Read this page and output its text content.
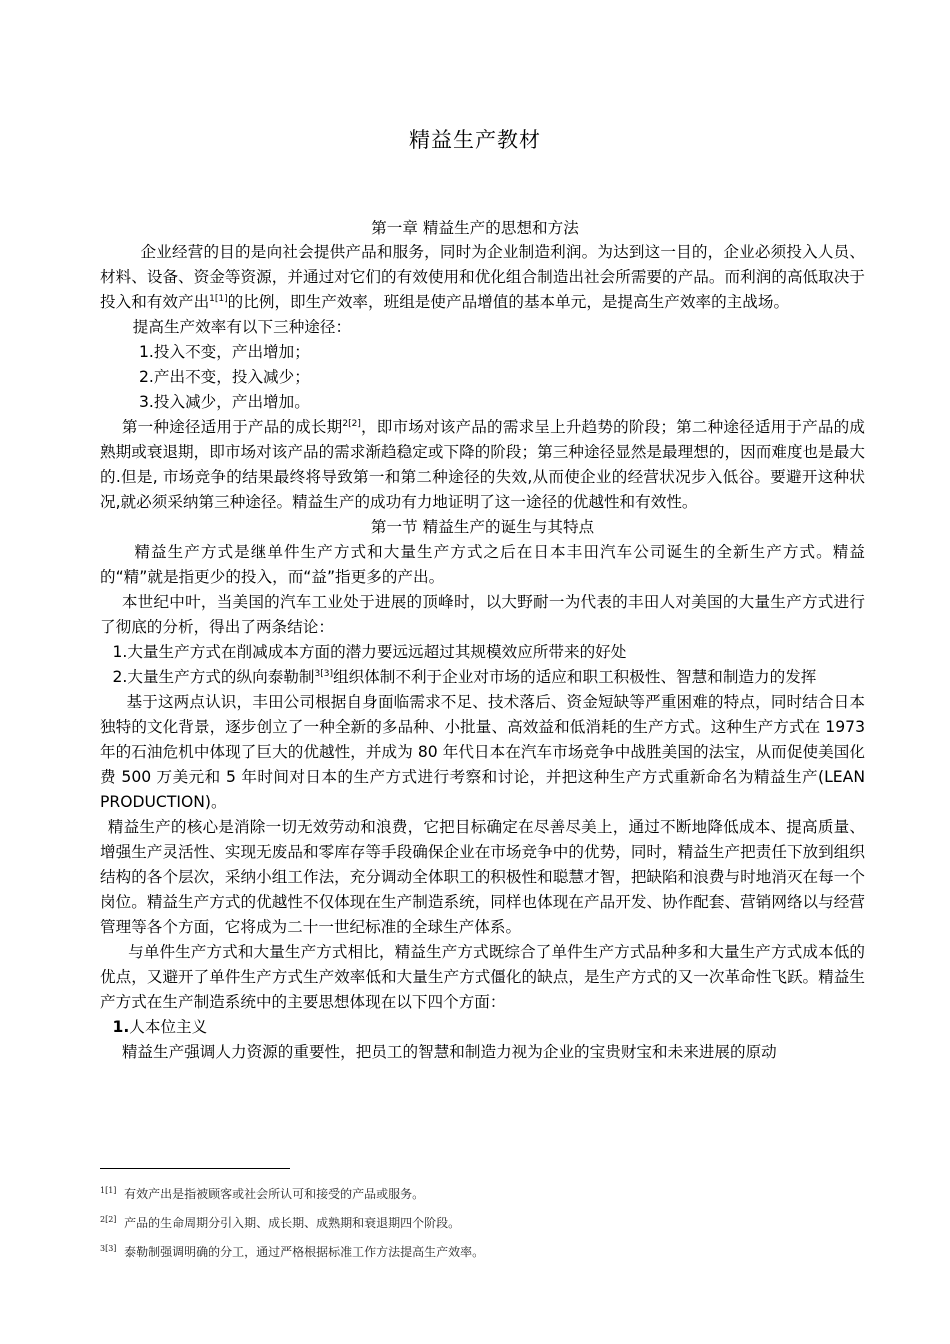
精益生产教材
第一章 精益生产的思想和方法

企业经营的目的是向社会提供产品和服务，同时为企业制造利润。为达到这一目的，企业必须投入人员、材料、设备、资金等资源，并通过对它们的有效使用和优化组合制造出社会所需要的产品。而利润的高低取决于投入和有效产出$^{1[1]}$的比例，即生产效率，班组是使产品增值的基本单元，是提高生产效率的主战场。

提高生产效率有以下三种途径：

1.投入不变，产出增加；

2.产出不变，投入减少；

3.投入减少，产出增加。

第一种途径适用于产品的成长期$^{2[2]}$，即市场对该产品的需求呈上升趋势的阶段；第二种途径适用于产品的成熟期或衰退期，即市场对该产品的需求渐趋稳定或下降的阶段；第三种途径显然是最理想的，因而难度也是最大的.但是, 市场竞争的结果最终将导致第一和第二种途径的失效,从而使企业的经营状况步入低谷。要避开这种状况,就必须采纳第三种途径。精益生产的成功有力地证明了这一途径的优越性和有效性。

第一节 精益生产的诞生与其特点

精益生产方式是继单件生产方式和大量生产方式之后在日本丰田汽车公司诞生的全新生产方式。精益的“精”就是指更少的投入，而“益”指更多的产出。

本世纪中叶，当美国的汽车工业处于进展的顶峰时，以大野耐一为代表的丰田人对美国的大量生产方式进行了彻底的分析，得出了两条结论：

1.大量生产方式在削减成本方面的潜力要远远超过其规模效应所带来的好处

2.大量生产方式的纵向泰勒制$^{3[3]}$组织体制不利于企业对市场的适应和职工积极性、智慧和制造力的发挥

基于这两点认识，丰田公司根据自身面临需求不足、技术落后、资金短缺等严重困难的特点，同时结合日本独特的文化背景，逐步创立了一种全新的多品种、小批量、高效益和低消耗的生产方式。这种生产方式在 1973 年的石油危机中体现了巨大的优越性，并成为 80 年代日本在汽车市场竞争中战胜美国的法宝，从而促使美国化费 500 万美元和 5 年时间对日本的生产方式进行考察和讨论，并把这种生产方式重新命名为精益生产(LEAN PRODUCTION)。

精益生产的核心是消除一切无效劳动和浪费，它把目标确定在尽善尽美上，通过不断地降低成本、提高质量、增强生产灵活性、实现无废品和零库存等手段确保企业在市场竞争中的优势，同时，精益生产把责任下放到组织结构的各个层次，采纳小组工作法，充分调动全体职工的积极性和聪慧才智，把缺陷和浪费与时地消灭在每一个岗位。精益生产方式的优越性不仅体现在生产制造系统，同样也体现在产品开发、协作配套、营销网络以与经营管理等各个方面，它将成为二十一世纪标准的全球生产体系。

与单件生产方式和大量生产方式相比，精益生产方式既综合了单件生产方式品种多和大量生产方式成本低的优点，又避开了单件生产方式生产效率低和大量生产方式僵化的缺点，是生产方式的又一次革命性飞跃。精益生产方式在生产制造系统中的主要思想体现在以下四个方面：

1.人本位主义

精益生产强调人力资源的重要性，把员工的智慧和制造力视为企业的宝贵财宝和未来进展的原动

$^{1[1]}$ 有效产出是指被顾客或社会所认可和接受的产品或服务。
$^{2[2]}$ 产品的生命周期分引入期、成长期、成熟期和衰退期四个阶段。
$^{3[3]}$ 泰勒制强调明确的分工，通过严格根据标准工作方法提高生产效率。
